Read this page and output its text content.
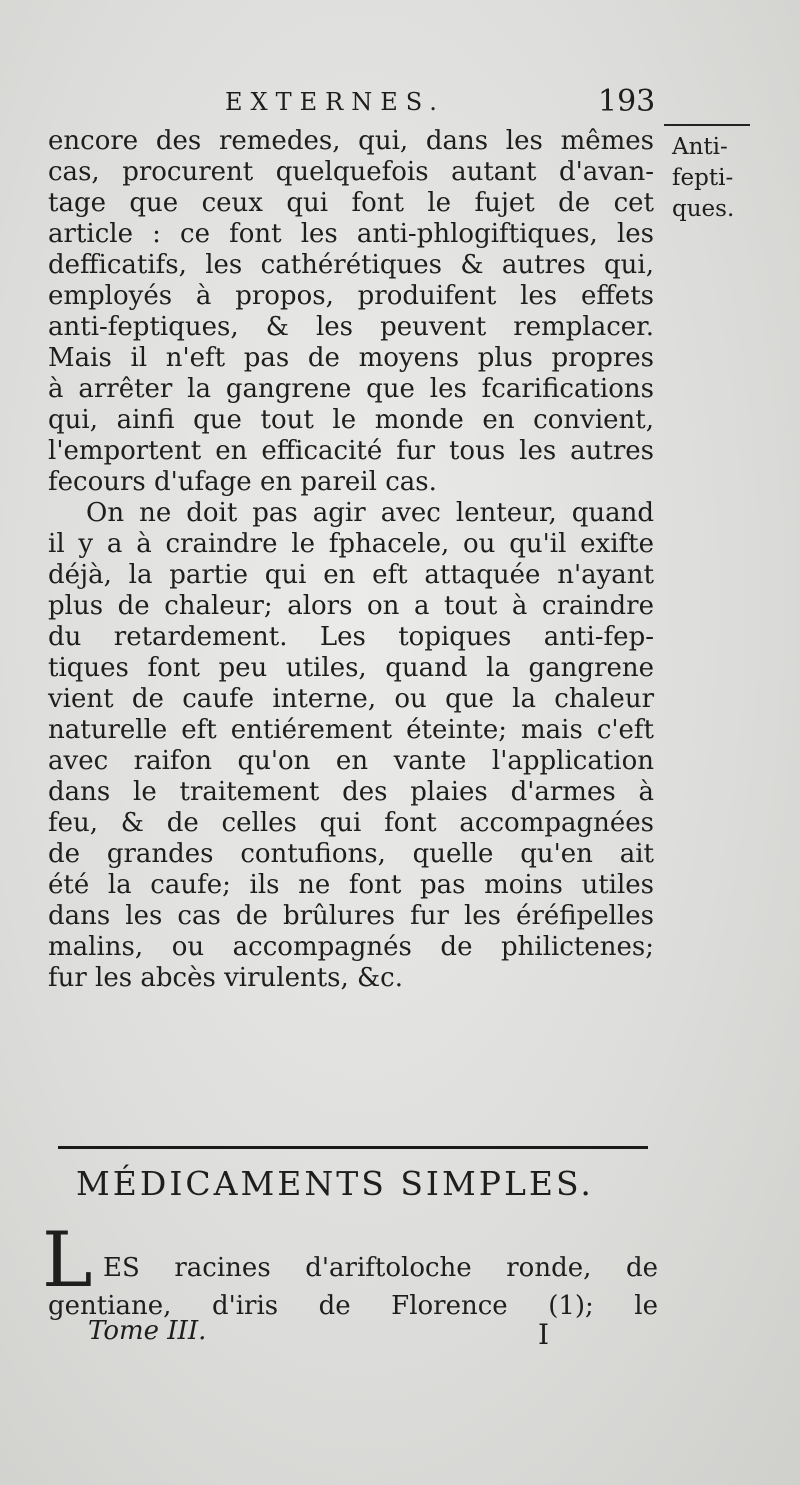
EXTERNES.	193
Anti-
fepti-
ques.
encore des remedes, qui, dans les mêmes
cas, procurent quelquefois autant d'avan-
tage que ceux qui font le fujet de cet
article : ce font les anti-phlogiftiques, les
defficatifs, les cathérétiques & autres qui,
employés à propos, produifent les effets
anti-feptiques, & les peuvent remplacer.
Mais il n'eft pas de moyens plus propres
à arrêter la gangrene que les fcarifications
qui, ainfi que tout le monde en convient,
l'emportent en efficacité fur tous les autres
fecours d'ufage en pareil cas.
On ne doit pas agir avec lenteur, quand
il y a à craindre le fphacele, ou qu'il exifte
déjà, la partie qui en eft attaquée n'ayant
plus de chaleur; alors on a tout à craindre
du retardement. Les topiques anti-fep-
tiques font peu utiles, quand la gangrene
vient de caufe interne, ou que la chaleur
naturelle eft entiérement éteinte; mais c'eft
avec raifon qu'on en vante l'application
dans le traitement des plaies d'armes à
feu, & de celles qui font accompagnées
de grandes contufions, quelle qu'en ait
été la caufe; ils ne font pas moins utiles
dans les cas de brûlures fur les éréfipelles
malins, ou accompagnés de philictenes;
fur les abcès virulents, &c.
MÉDICAMENTS SIMPLES.
L ES racines d'ariftoloche ronde, de
gentiane, d'iris de Florence (1); le
Tome III.	I
